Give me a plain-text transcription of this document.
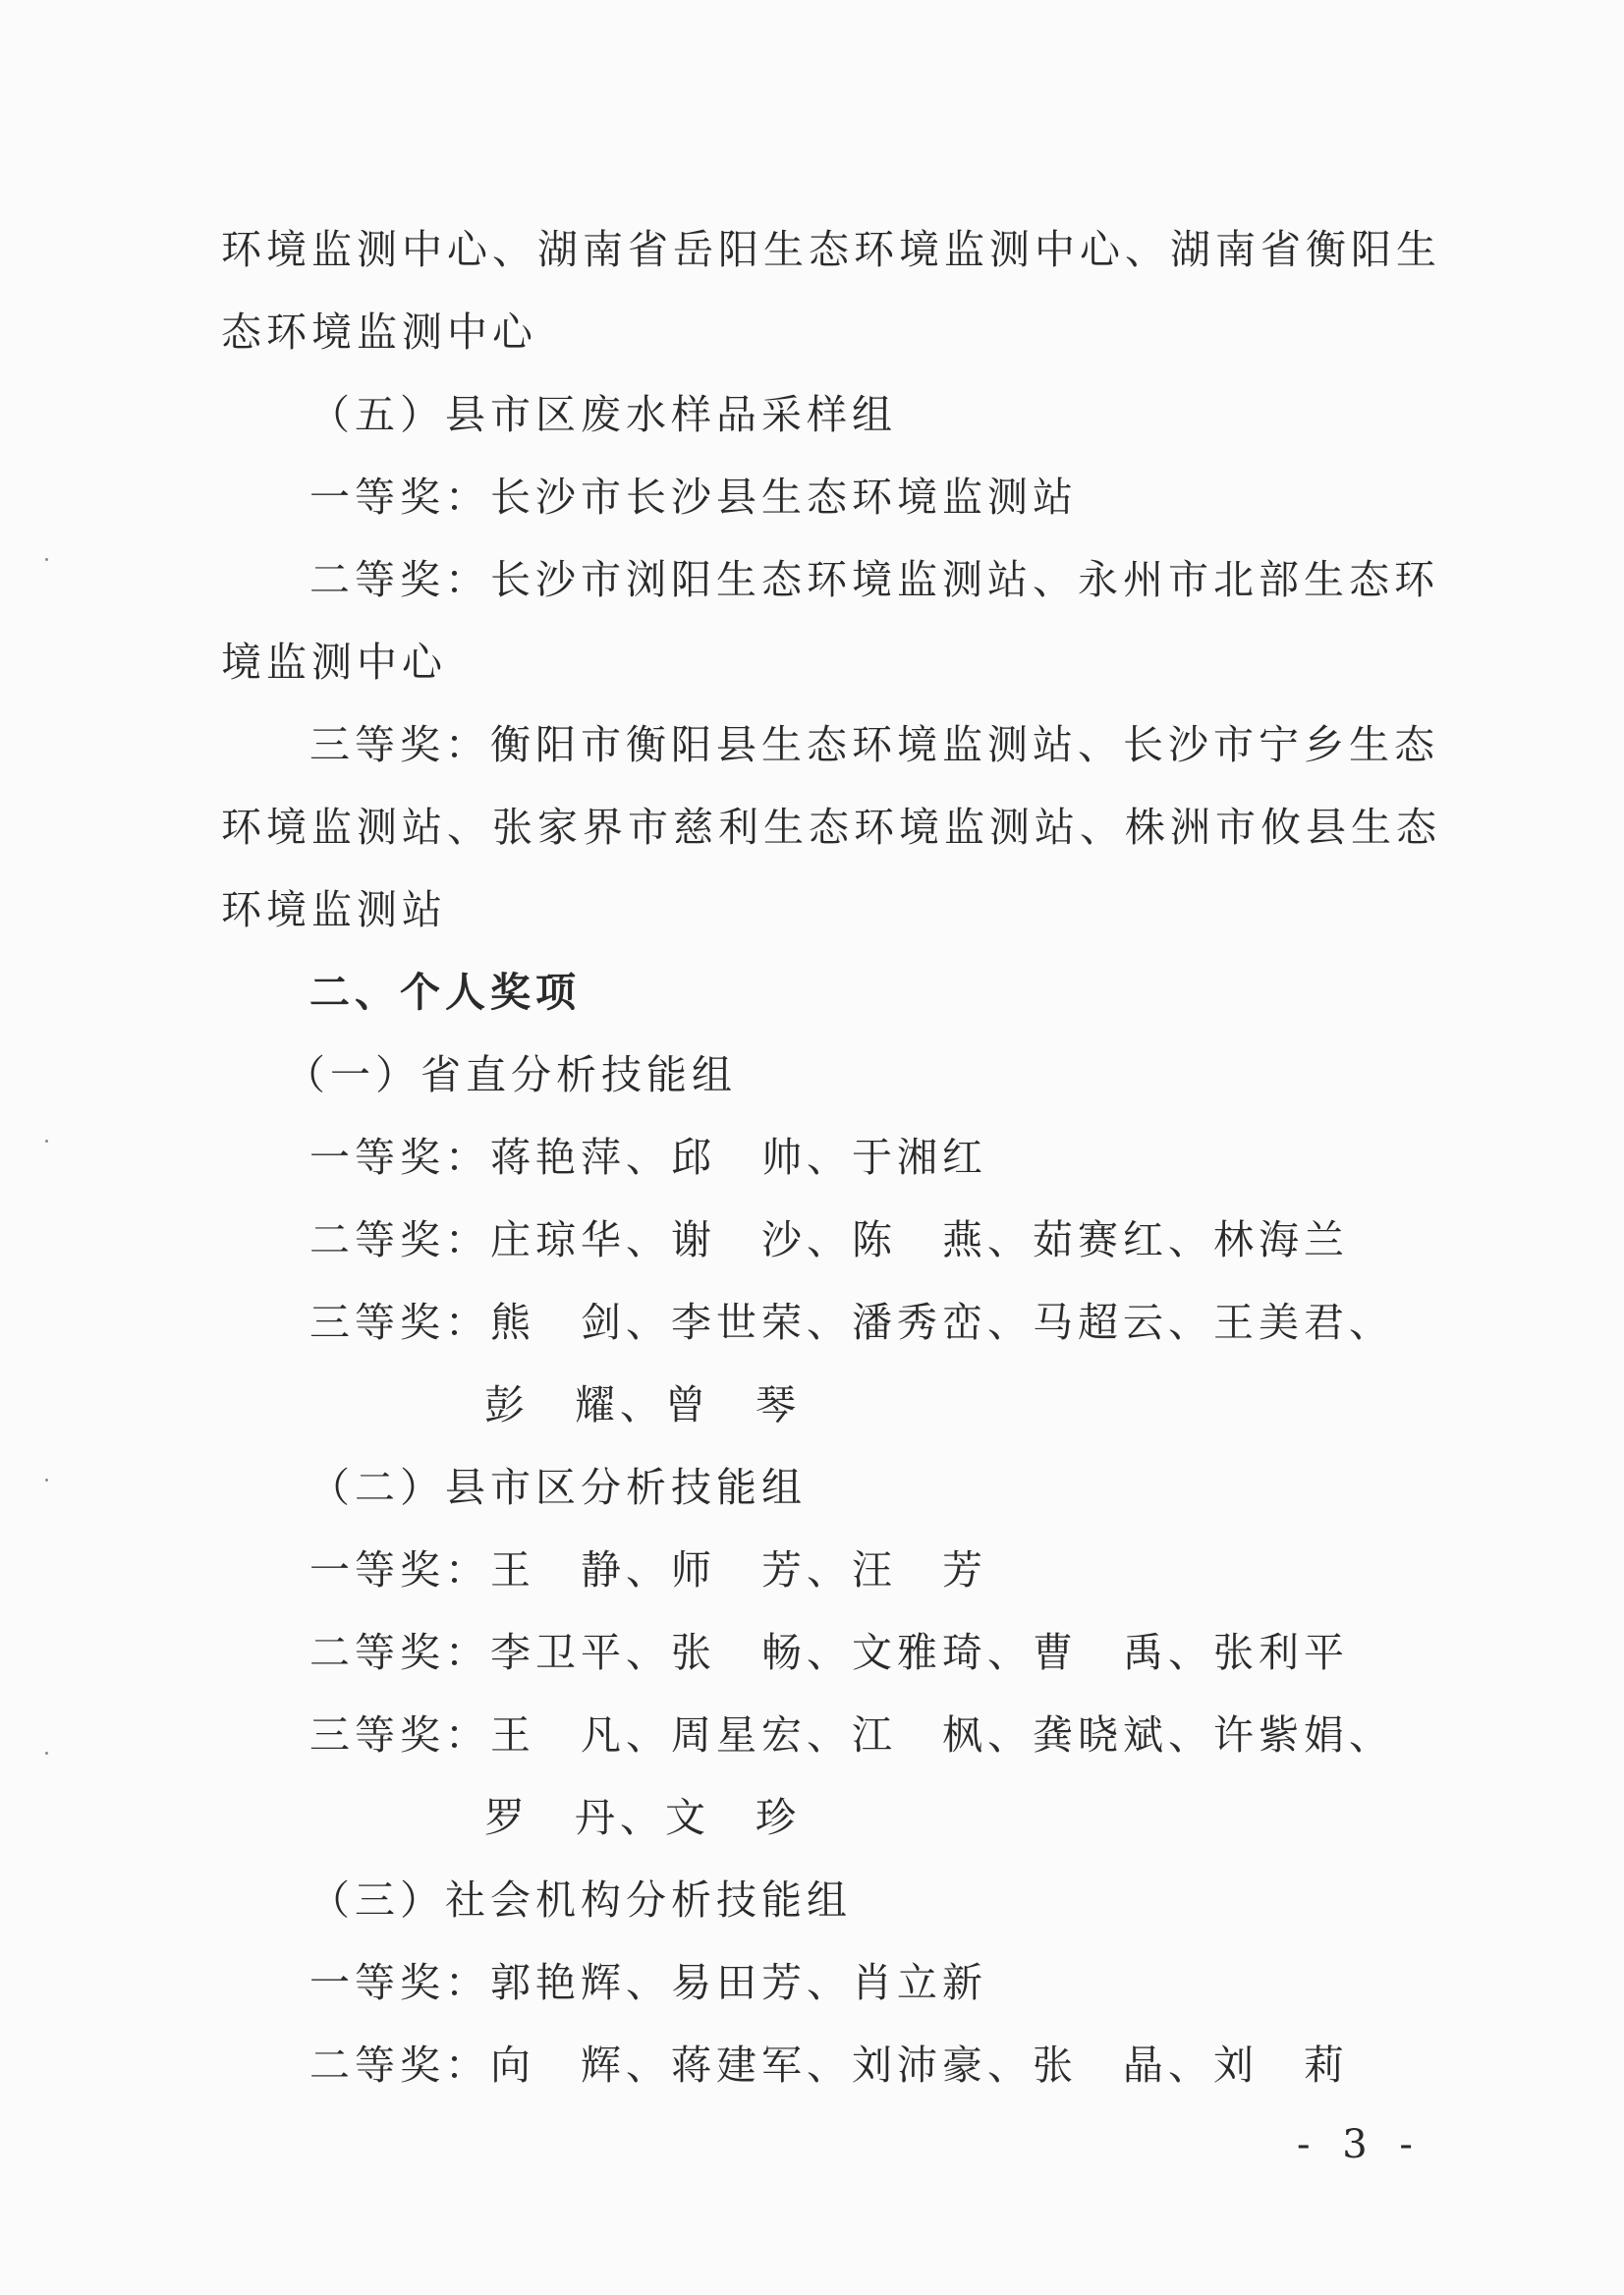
环境监测中心、湖南省岳阳生态环境监测中心、湖南省衡阳生
态环境监测中心
（五）县市区废水样品采样组
一等奖：长沙市长沙县生态环境监测站
二等奖：长沙市浏阳生态环境监测站、永州市北部生态环
境监测中心
三等奖：衡阳市衡阳县生态环境监测站、长沙市宁乡生态
环境监测站、张家界市慈利生态环境监测站、株洲市攸县生态
环境监测站
二、个人奖项
（一）省直分析技能组
一等奖：蒋艳萍、邱　帅、于湘红
二等奖：庄琼华、谢　沙、陈　燕、茹赛红、林海兰
三等奖：熊　剑、李世荣、潘秀峦、马超云、王美君、
彭　耀、曾　琴
（二）县市区分析技能组
一等奖：王　静、师　芳、汪　芳
二等奖：李卫平、张　畅、文雅琦、曹　禹、张利平
三等奖：王　凡、周星宏、江　枫、龚晓斌、许紫娟、
罗　丹、文　珍
（三）社会机构分析技能组
一等奖：郭艳辉、易田芳、肖立新
二等奖：向　辉、蒋建军、刘沛豪、张　晶、刘　莉
- 3 -
